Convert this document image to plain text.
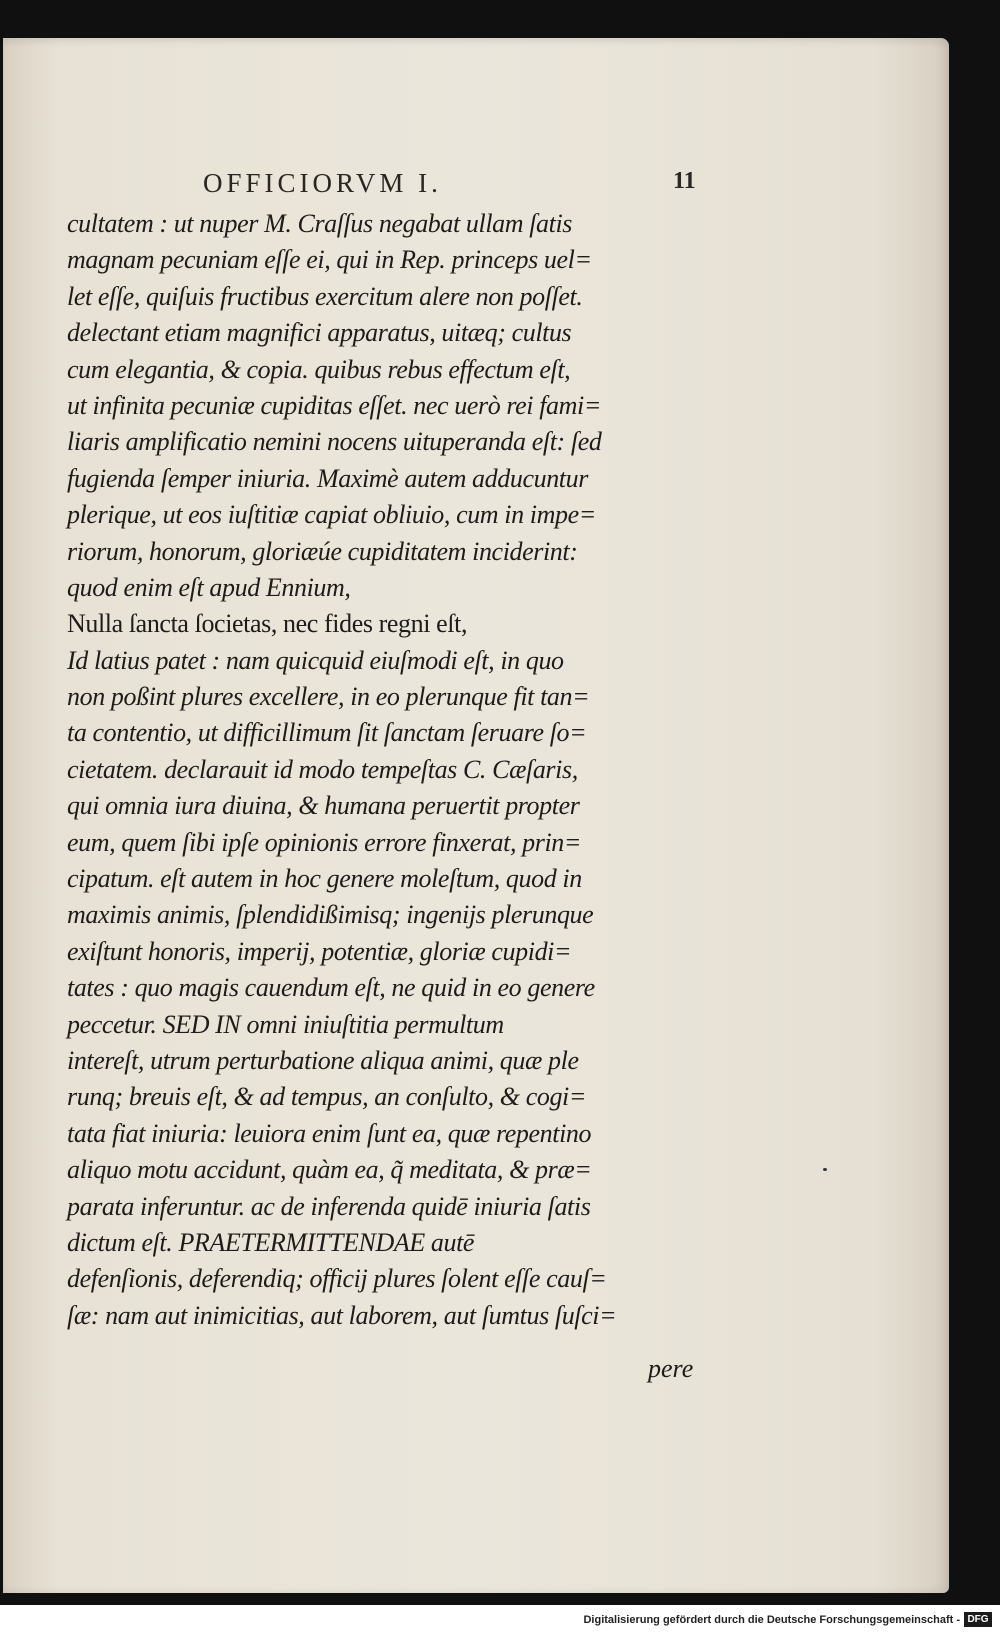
OFFICIORVM I.	11
cultatem : ut nuper M. Craſſus negabat ullam ſatis
magnam pecuniam eſſe ei, qui in Rep. princeps uel=
let eſſe, quiſuis fructibus exercitum alere non poſſet.
delectant etiam magnifici apparatus, uitæq; cultus
cum elegantia, & copia. quibus rebus effectum eſt,
ut infinita pecuniæ cupiditas eſſet. nec uerò rei fami=
liaris amplificatio nemini nocens uituperanda eſt: ſed
fugienda ſemper iniuria. Maximè autem adducuntur
plerique, ut eos iuſtitiæ capiat obliuio, cum in impe=
riorum, honorum, gloriæúe cupiditatem inciderint:
quod enim eſt apud Ennium,
Nulla ſancta ſocietas, nec fides regni eſt,
Id latius patet : nam quicquid eiuſmodi eſt, in quo
non poßint plures excellere, in eo plerunque fit tan=
ta contentio, ut difficillimum ſit ſanctam ſeruare ſo=
cietatem. declarauit id modo tempeſtas C. Cæſaris,
qui omnia iura diuina, & humana peruertit propter
eum, quem ſibi ipſe opinionis errore finxerat, prin=
cipatum. eſt autem in hoc genere moleſtum, quod in
maximis animis, ſplendidißimisq; ingenijs plerunque
exiſtunt honoris, imperij, potentiæ, gloriæ cupidi=
tates : quo magis cauendum eſt, ne quid in eo genere
peccetur. SED IN omni iniuſtitia permultum
intereſt, utrum perturbatione aliqua animi, quæ ple
runq; breuis eſt, & ad tempus, an conſulto, & cogi=
tata fiat iniuria: leuiora enim ſunt ea, quæ repentino
aliquo motu accidunt, quàm ea, q̃ meditata, & præ=
parata inferuntur. ac de inferenda quidē iniuria ſatis
dictum eſt. PRAETERMITTENDAE autē
defenſionis, deferendiq; officij plures ſolent eſſe cauſ=
ſæ: nam aut inimicitias, aut laborem, aut ſumtus ſuſci=
pere
Digitalisierung gefördert durch die Deutsche Forschungsgemeinschaft - DFG
